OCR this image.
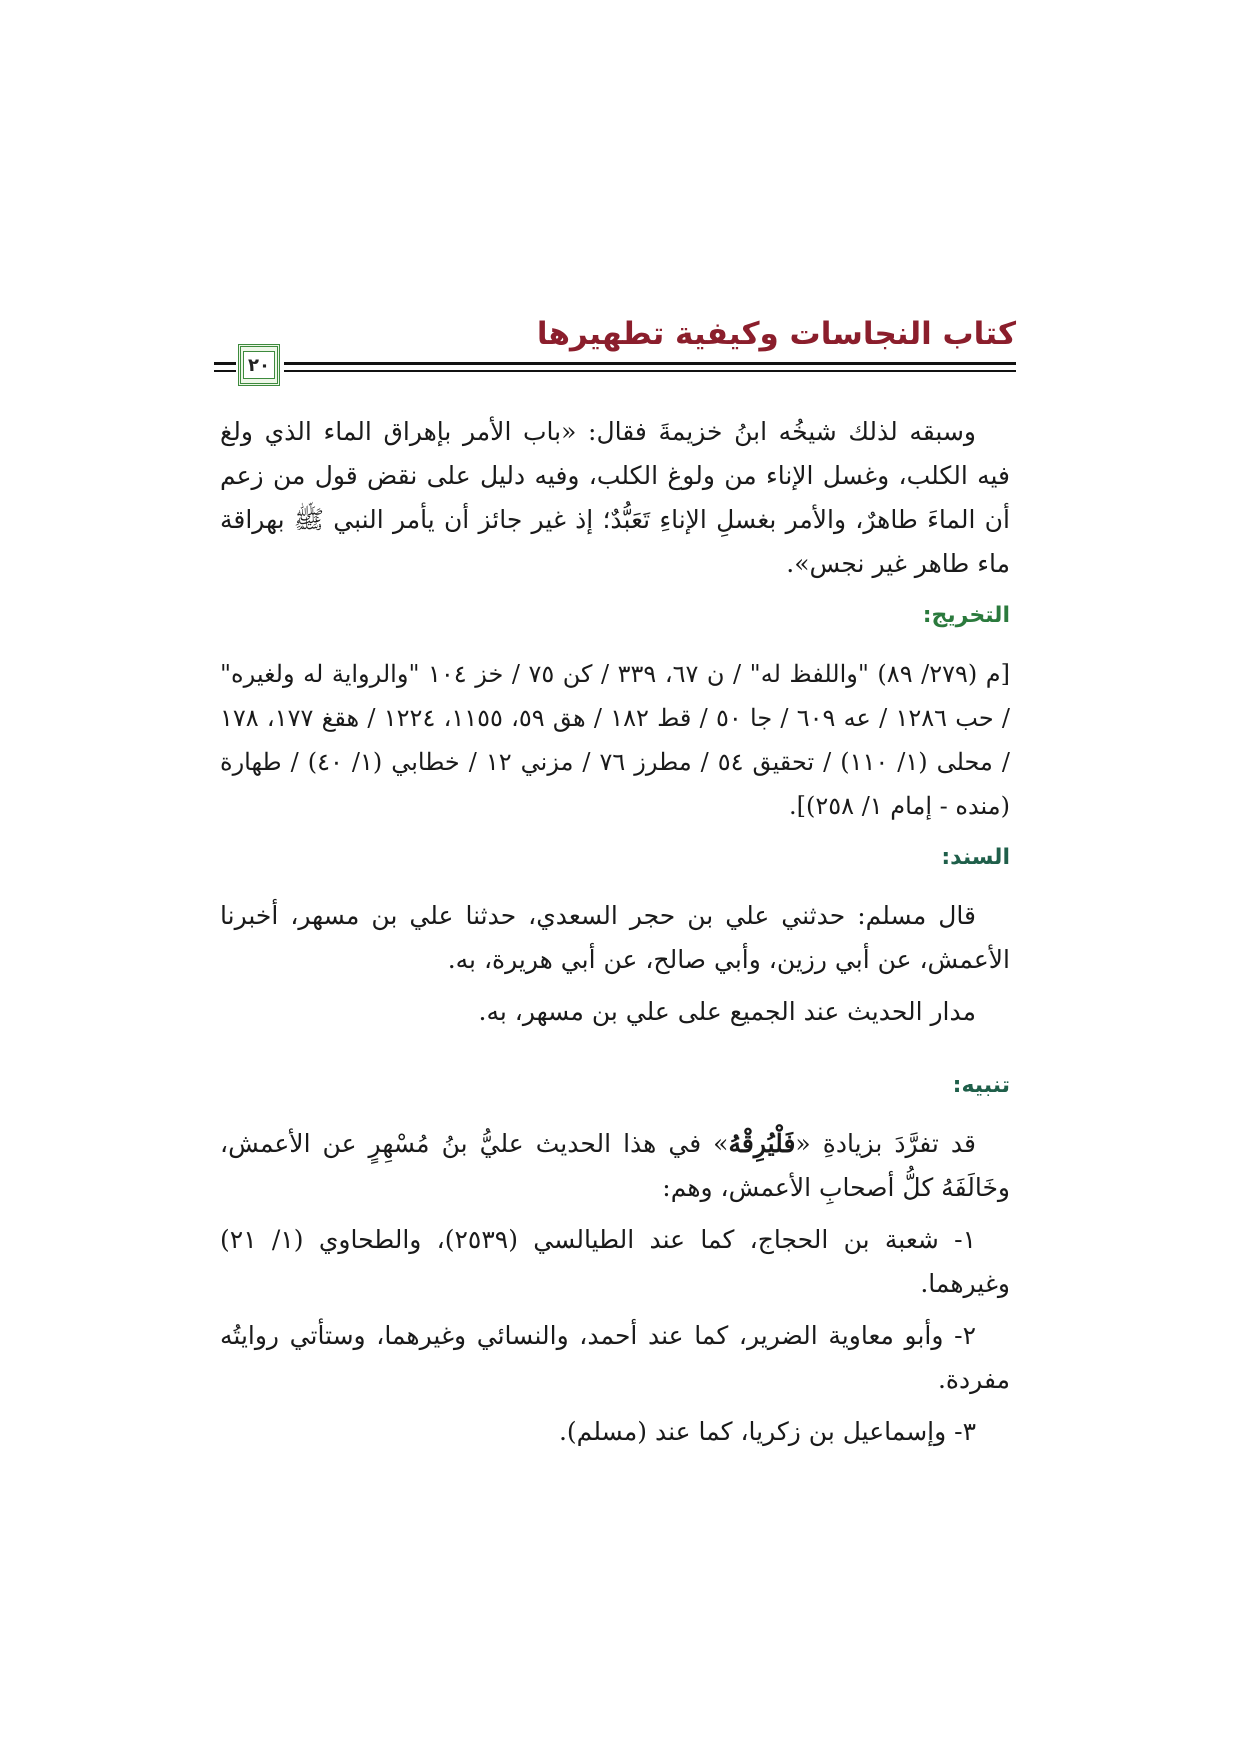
كتاب النجاسات وكيفية تطهيرها
٢٠

وسبقه لذلك شيخُه ابنُ خزيمةَ فقال: «باب الأمر بإهراق الماء الذي ولغ فيه الكلب، وغسل الإناء من ولوغ الكلب، وفيه دليل على نقض قول من زعم أن الماءَ طاهرٌ، والأمر بغسلِ الإناءِ تَعَبُّدٌ؛ إذ غير جائز أن يأمر النبي ﷺ بهراقة ماء طاهر غير نجس».

التخريج:

[م (٢٧٩/ ٨٩) "واللفظ له" / ن ٦٧، ٣٣٩ / كن ٧٥ / خز ١٠٤ "والرواية له ولغيره" / حب ١٢٨٦ / عه ٦٠٩ / جا ٥٠ / قط ١٨٢ / هق ٥٩، ١١٥٥، ١٢٢٤ / هقغ ١٧٧، ١٧٨ / محلى (١/ ١١٠) / تحقيق ٥٤ / مطرز ٧٦ / مزني ١٢ / خطابي (١/ ٤٠) / طهارة (منده - إمام ١/ ٢٥٨)].

السند:

قال مسلم: حدثني علي بن حجر السعدي، حدثنا علي بن مسهر، أخبرنا الأعمش، عن أبي رزين، وأبي صالح، عن أبي هريرة، به.

مدار الحديث عند الجميع على علي بن مسهر، به.

تنبيه:

قد تفرَّدَ بزيادةِ «فَلْيُرِقْهُ» في هذا الحديث عليُّ بنُ مُسْهِرٍ عن الأعمش، وخَالَفَهُ كلُّ أصحابِ الأعمش، وهم:

١- شعبة بن الحجاج، كما عند الطيالسي (٢٥٣٩)، والطحاوي (١/ ٢١) وغيرهما.

٢- وأبو معاوية الضرير، كما عند أحمد، والنسائي وغيرهما، وستأتي روايتُه مفردة.

٣- وإسماعيل بن زكريا، كما عند (مسلم).
